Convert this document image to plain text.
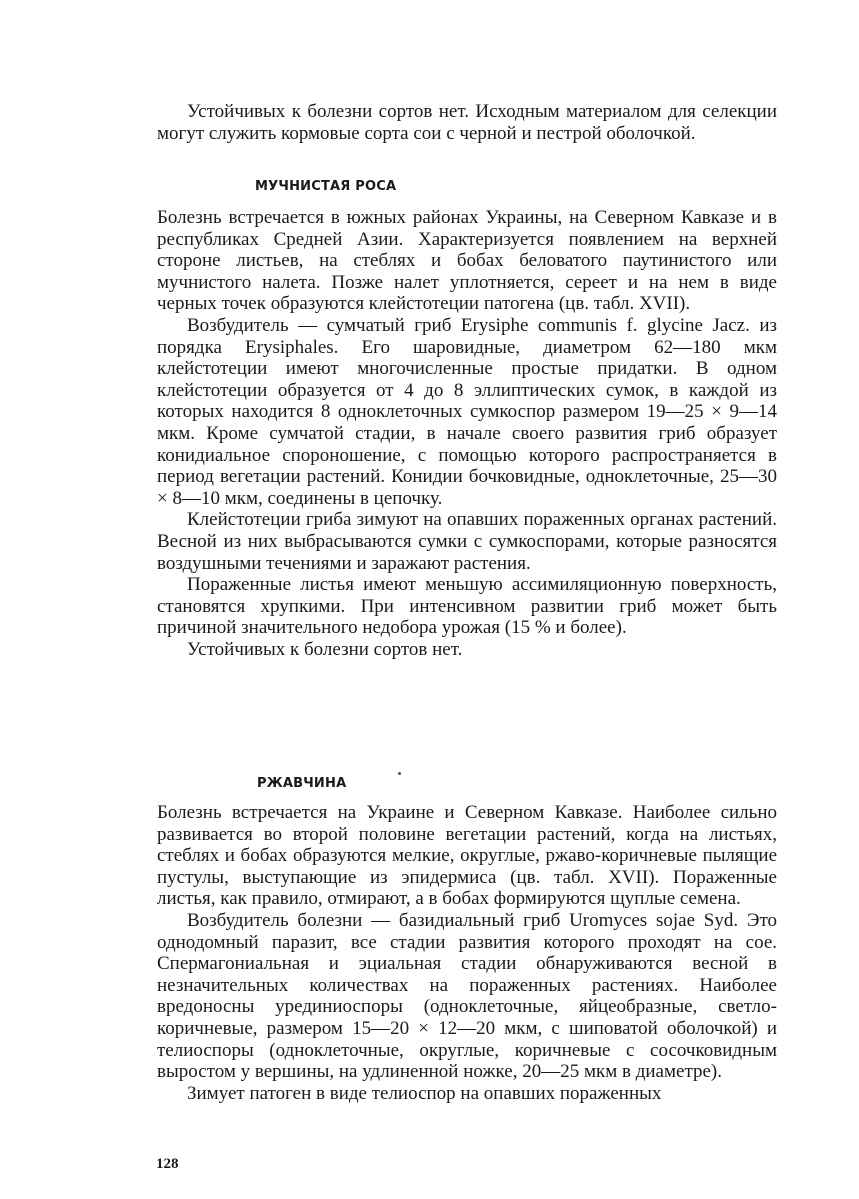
Устойчивых к болезни сортов нет. Исходным материалом для селекции могут служить кормовые сорта сои с черной и пестрой оболочкой.

МУЧНИСТАЯ РОСА

Болезнь встречается в южных районах Украины, на Северном Кавказе и в республиках Средней Азии. Характеризуется появлением на верхней стороне листьев, на стеблях и бобах беловатого паутинистого или мучнистого налета. Позже налет уплотняется, сереет и на нем в виде черных точек образуются клейстотеции патогена (цв. табл. XVII).

Возбудитель — сумчатый гриб Erysiphe communis f. glycine Jacz. из порядка Erysiphales. Его шаровидные, диаметром 62—180 мкм клейстотеции имеют многочисленные простые придатки. В одном клейстотеции образуется от 4 до 8 эллиптических сумок, в каждой из которых находится 8 одноклеточных сумкоспор размером 19—25 × 9—14 мкм. Кроме сумчатой стадии, в начале своего развития гриб образует конидиальное спороношение, с помощью которого распространяется в период вегетации растений. Конидии бочковидные, одноклеточные, 25—30 × 8—10 мкм, соединены в цепочку.

Клейстотеции гриба зимуют на опавших пораженных органах растений. Весной из них выбрасываются сумки с сумкоспорами, которые разносятся воздушными течениями и заражают растения.

Пораженные листья имеют меньшую ассимиляционную поверхность, становятся хрупкими. При интенсивном развитии гриб может быть причиной значительного недобора урожая (15 % и более).

Устойчивых к болезни сортов нет.

РЖАВЧИНА

Болезнь встречается на Украине и Северном Кавказе. Наиболее сильно развивается во второй половине вегетации растений, когда на листьях, стеблях и бобах образуются мелкие, округлые, ржаво-коричневые пылящие пустулы, выступающие из эпидермиса (цв. табл. XVII). Пораженные листья, как правило, отмирают, а в бобах формируются щуплые семена.

Возбудитель болезни — базидиальный гриб Uromyces sojae Syd. Это однодомный паразит, все стадии развития которого проходят на сое. Спермагониальная и эциальная стадии обнаруживаются весной в незначительных количествах на пораженных растениях. Наиболее вредоносны урединиоспоры (одноклеточные, яйцеобразные, светло-коричневые, размером 15—20 × 12—20 мкм, с шиповатой оболочкой) и телиоспоры (одноклеточные, округлые, коричневые с сосочковидным выростом у вершины, на удлиненной ножке, 20—25 мкм в диаметре).

Зимует патоген в виде телиоспор на опавших пораженных

128
